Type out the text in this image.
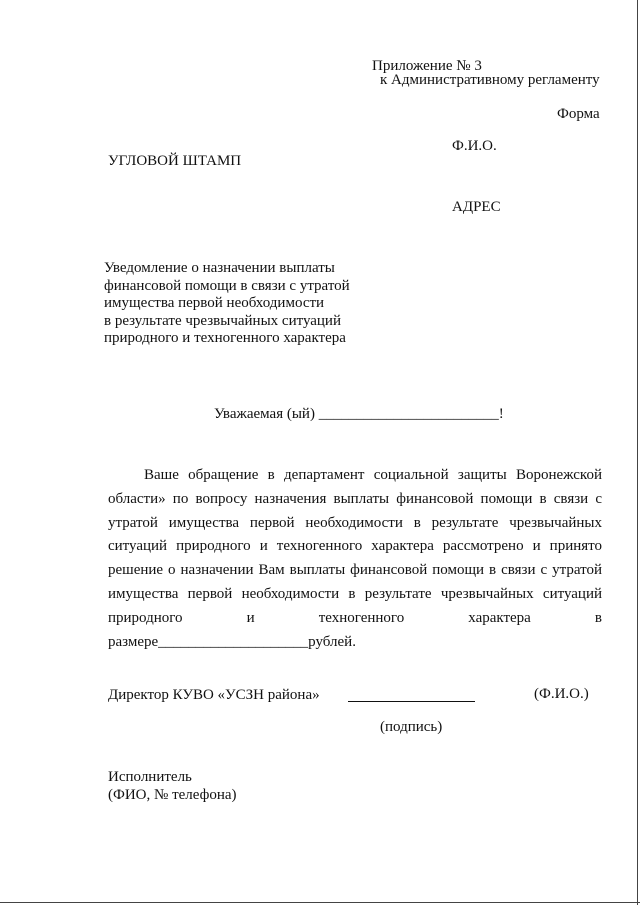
Приложение № 3
к Административному регламенту
Форма
Ф.И.О.
УГЛОВОЙ ШТАМП
АДРЕС
Уведомление о назначении выплаты
финансовой помощи в связи с утратой
имущества первой необходимости
в результате чрезвычайных ситуаций
природного и техногенного характера
Уважаемая (ый) ________________________!
Ваше обращение в департамент социальной защиты Воронежской
области» по вопросу назначения выплаты финансовой помощи в связи с
утратой имущества первой необходимости в результате чрезвычайных
ситуаций природного и техногенного характера рассмотрено и принято
решение о назначении Вам выплаты финансовой помощи в связи с утратой
имущества первой необходимости в результате чрезвычайных ситуаций
природного и техногенного характера в
размере____________________рублей.
Директор КУВО «УСЗН района»	(Ф.И.О.)
(подпись)
Исполнитель
(ФИО, № телефона)
